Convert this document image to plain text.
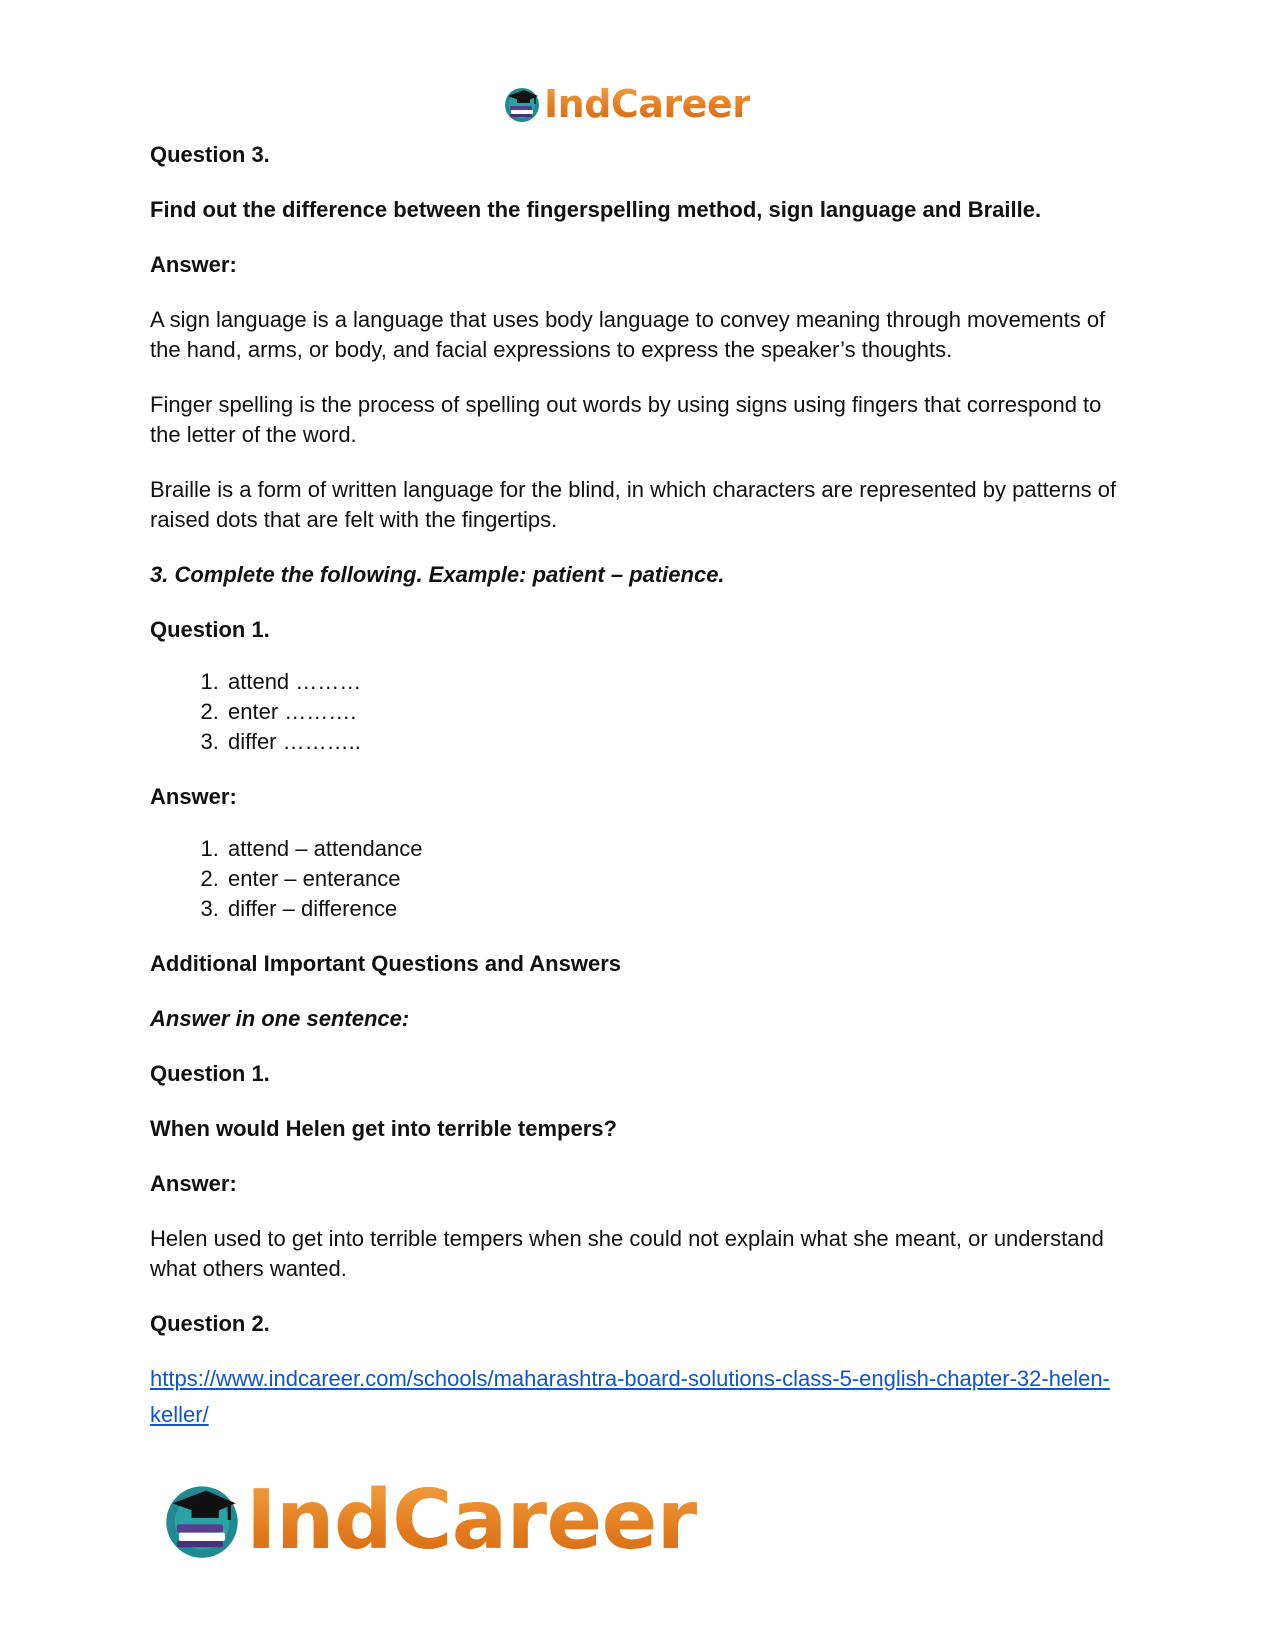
IndCareer
Question 3.
Find out the difference between the fingerspelling method, sign language and Braille.
Answer:
A sign language is a language that uses body language to convey meaning through movements of the hand, arms, or body, and facial expressions to express the speaker’s thoughts.
Finger spelling is the process of spelling out words by using signs using fingers that correspond to the letter of the word.
Braille is a form of written language for the blind, in which characters are represented by patterns of raised dots that are felt with the fingertips.
3. Complete the following. Example: patient – patience.
Question 1.
1. attend ………
2. enter ……….
3. differ ………..
Answer:
1. attend – attendance
2. enter – enterance
3. differ – difference
Additional Important Questions and Answers
Answer in one sentence:
Question 1.
When would Helen get into terrible tempers?
Answer:
Helen used to get into terrible tempers when she could not explain what she meant, or understand what others wanted.
Question 2.
https://www.indcareer.com/schools/maharashtra-board-solutions-class-5-english-chapter-32-helen-keller/
IndCareer
